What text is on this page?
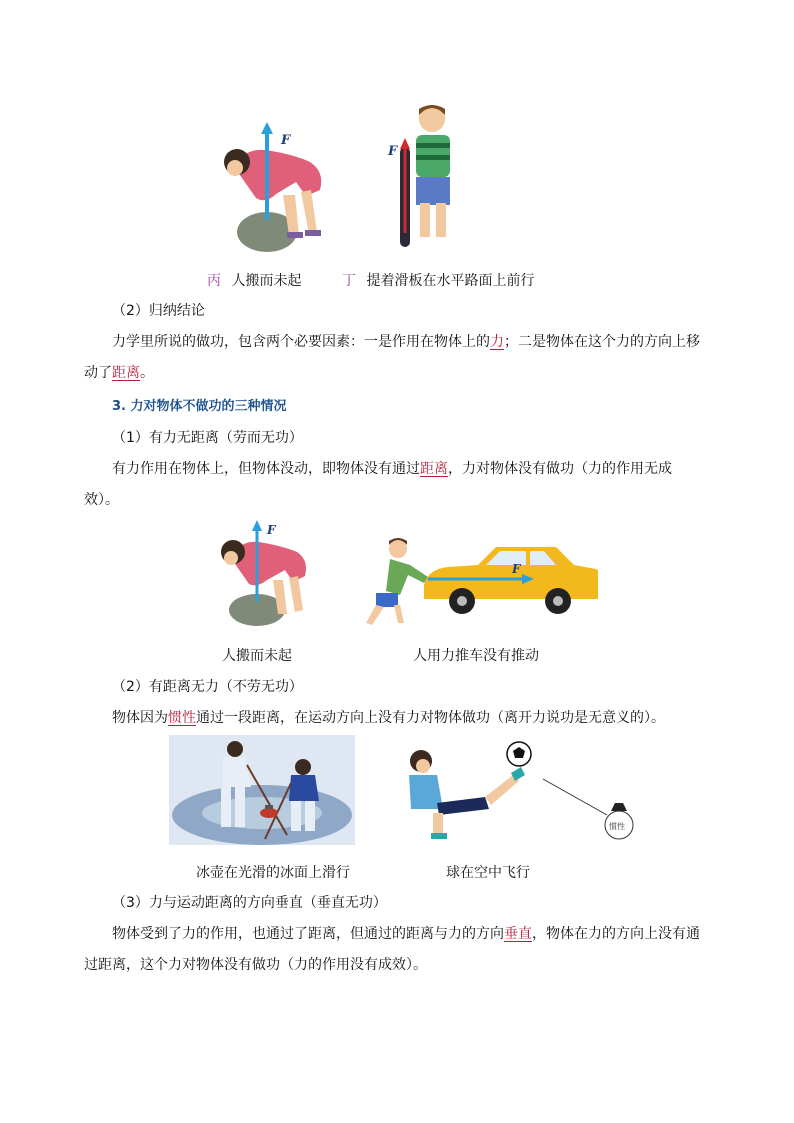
F
F
丙 人搬而未起	丁 提着滑板在水平路面上前行
（2）归纳结论
力学里所说的做功，包含两个必要因素：一是作用在物体上的力；二是物体在这个力的方向上移
动了距离。
3. 力对物体不做功的三种情况
（1）有力无距离（劳而无功）
有力作用在物体上，但物体没动，即物体没有通过距离，力对物体没有做功（力的作用无成
效）。
F
F
人搬而未起	人用力推车没有推动
（2）有距离无力（不劳无功）
物体因为惯性通过一段距离，在运动方向上没有力对物体做功（离开力说功是无意义的）。
惯性
冰壶在光滑的冰面上滑行	球在空中飞行
（3）力与运动距离的方向垂直（垂直无功）
物体受到了力的作用，也通过了距离，但通过的距离与力的方向垂直，物体在力的方向上没有通
过距离，这个力对物体没有做功（力的作用没有成效）。
